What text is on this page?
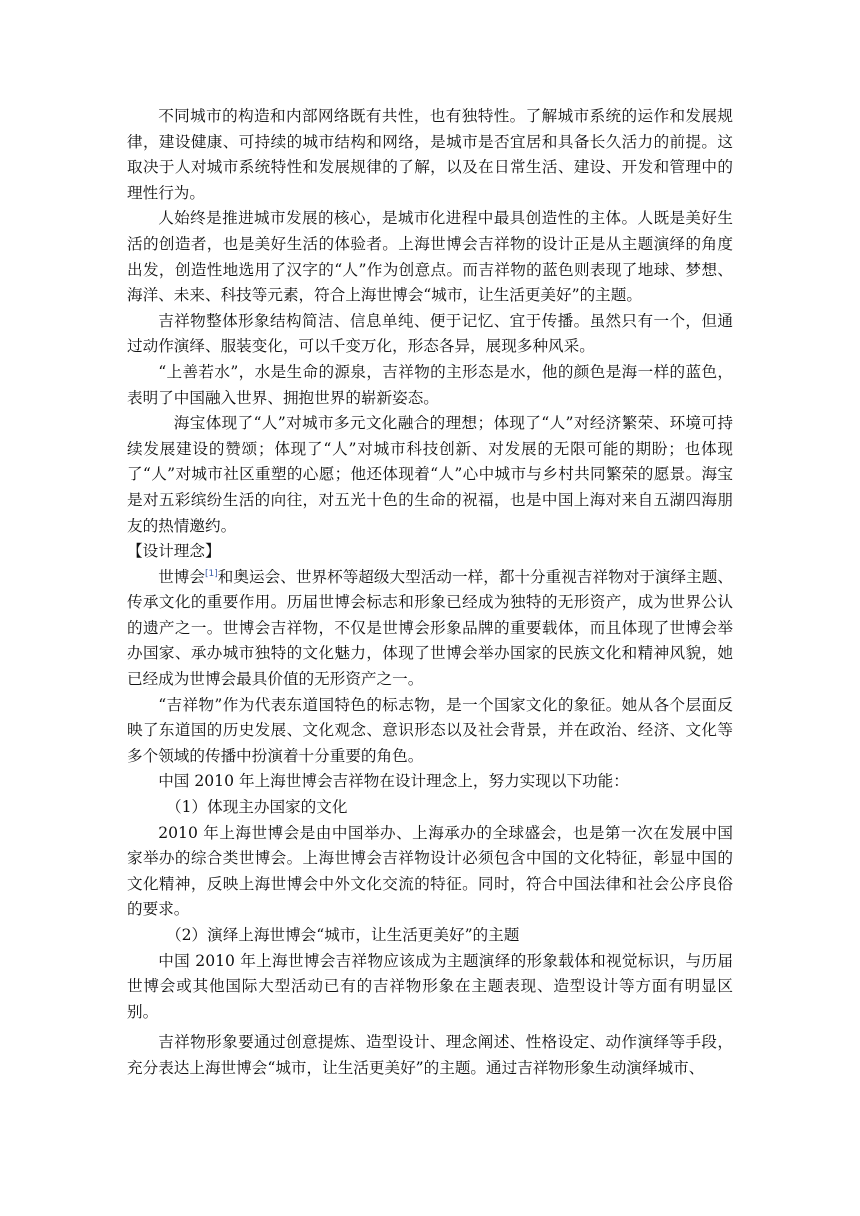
不同城市的构造和内部网络既有共性，也有独特性。了解城市系统的运作和发展规律，建设健康、可持续的城市结构和网络，是城市是否宜居和具备长久活力的前提。这取决于人对城市系统特性和发展规律的了解，以及在日常生活、建设、开发和管理中的理性行为。

人始终是推进城市发展的核心，是城市化进程中最具创造性的主体。人既是美好生活的创造者，也是美好生活的体验者。上海世博会吉祥物的设计正是从主题演绎的角度出发，创造性地选用了汉字的“人”作为创意点。而吉祥物的蓝色则表现了地球、梦想、海洋、未来、科技等元素，符合上海世博会“城市，让生活更美好”的主题。

吉祥物整体形象结构简洁、信息单纯、便于记忆、宜于传播。虽然只有一个，但通过动作演绎、服装变化，可以千变万化，形态各异，展现多种风采。

“上善若水”，水是生命的源泉，吉祥物的主形态是水，他的颜色是海一样的蓝色，表明了中国融入世界、拥抱世界的崭新姿态。

海宝体现了“人”对城市多元文化融合的理想；体现了“人”对经济繁荣、环境可持续发展建设的赞颂；体现了“人”对城市科技创新、对发展的无限可能的期盼；也体现了“人”对城市社区重塑的心愿；他还体现着“人”心中城市与乡村共同繁荣的愿景。海宝是对五彩缤纷生活的向往，对五光十色的生命的祝福，也是中国上海对来自五湖四海朋友的热情邀约。

【设计理念】

世博会[1]和奥运会、世界杯等超级大型活动一样，都十分重视吉祥物对于演绎主题、传承文化的重要作用。历届世博会标志和形象已经成为独特的无形资产，成为世界公认的遗产之一。世博会吉祥物，不仅是世博会形象品牌的重要载体，而且体现了世博会举办国家、承办城市独特的文化魅力，体现了世博会举办国家的民族文化和精神风貌，她已经成为世博会最具价值的无形资产之一。

“吉祥物”作为代表东道国特色的标志物，是一个国家文化的象征。她从各个层面反映了东道国的历史发展、文化观念、意识形态以及社会背景，并在政治、经济、文化等多个领域的传播中扮演着十分重要的角色。

中国 2010 年上海世博会吉祥物在设计理念上，努力实现以下功能：

（1）体现主办国家的文化

2010 年上海世博会是由中国举办、上海承办的全球盛会，也是第一次在发展中国家举办的综合类世博会。上海世博会吉祥物设计必须包含中国的文化特征，彰显中国的文化精神，反映上海世博会中外文化交流的特征。同时，符合中国法律和社会公序良俗的要求。

（2）演绎上海世博会“城市，让生活更美好”的主题

中国 2010 年上海世博会吉祥物应该成为主题演绎的形象载体和视觉标识，与历届世博会或其他国际大型活动已有的吉祥物形象在主题表现、造型设计等方面有明显区别。

吉祥物形象要通过创意提炼、造型设计、理念阐述、性格设定、动作演绎等手段，充分表达上海世博会“城市，让生活更美好”的主题。通过吉祥物形象生动演绎城市、
